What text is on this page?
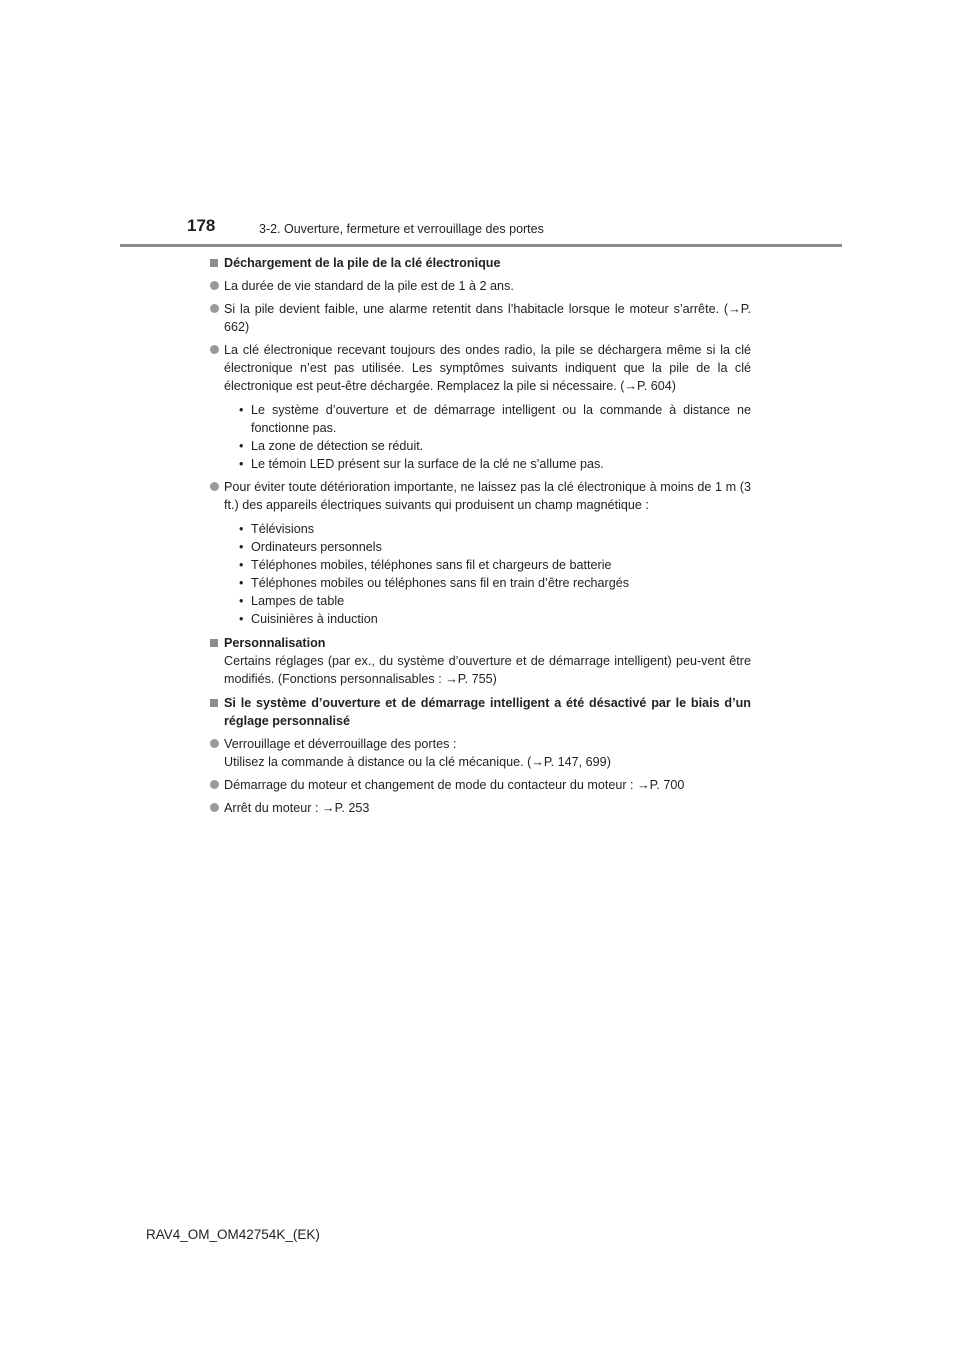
178	3-2. Ouverture, fermeture et verrouillage des portes
Déchargement de la pile de la clé électronique
La durée de vie standard de la pile est de 1 à 2 ans.
Si la pile devient faible, une alarme retentit dans l’habitacle lorsque le moteur s’arrête. (→P. 662)
La clé électronique recevant toujours des ondes radio, la pile se déchargera même si la clé électronique n’est pas utilisée. Les symptômes suivants indiquent que la pile de la clé électronique est peut-être déchargée. Remplacez la pile si nécessaire. (→P. 604)
• Le système d’ouverture et de démarrage intelligent ou la commande à distance ne fonctionne pas.
• La zone de détection se réduit.
• Le témoin LED présent sur la surface de la clé ne s’allume pas.
Pour éviter toute détérioration importante, ne laissez pas la clé électronique à moins de 1 m (3 ft.) des appareils électriques suivants qui produisent un champ magnétique :
• Télévisions
• Ordinateurs personnels
• Téléphones mobiles, téléphones sans fil et chargeurs de batterie
• Téléphones mobiles ou téléphones sans fil en train d’être rechargés
• Lampes de table
• Cuisinières à induction
Personnalisation
Certains réglages (par ex., du système d’ouverture et de démarrage intelligent) peu-vent être modifiés. (Fonctions personnalisables : →P. 755)
Si le système d’ouverture et de démarrage intelligent a été désactivé par le biais d’un réglage personnalisé
Verrouillage et déverrouillage des portes :
Utilisez la commande à distance ou la clé mécanique. (→P. 147, 699)
Démarrage du moteur et changement de mode du contacteur du moteur : →P. 700
Arrêt du moteur : →P. 253
RAV4_OM_OM42754K_(EK)
